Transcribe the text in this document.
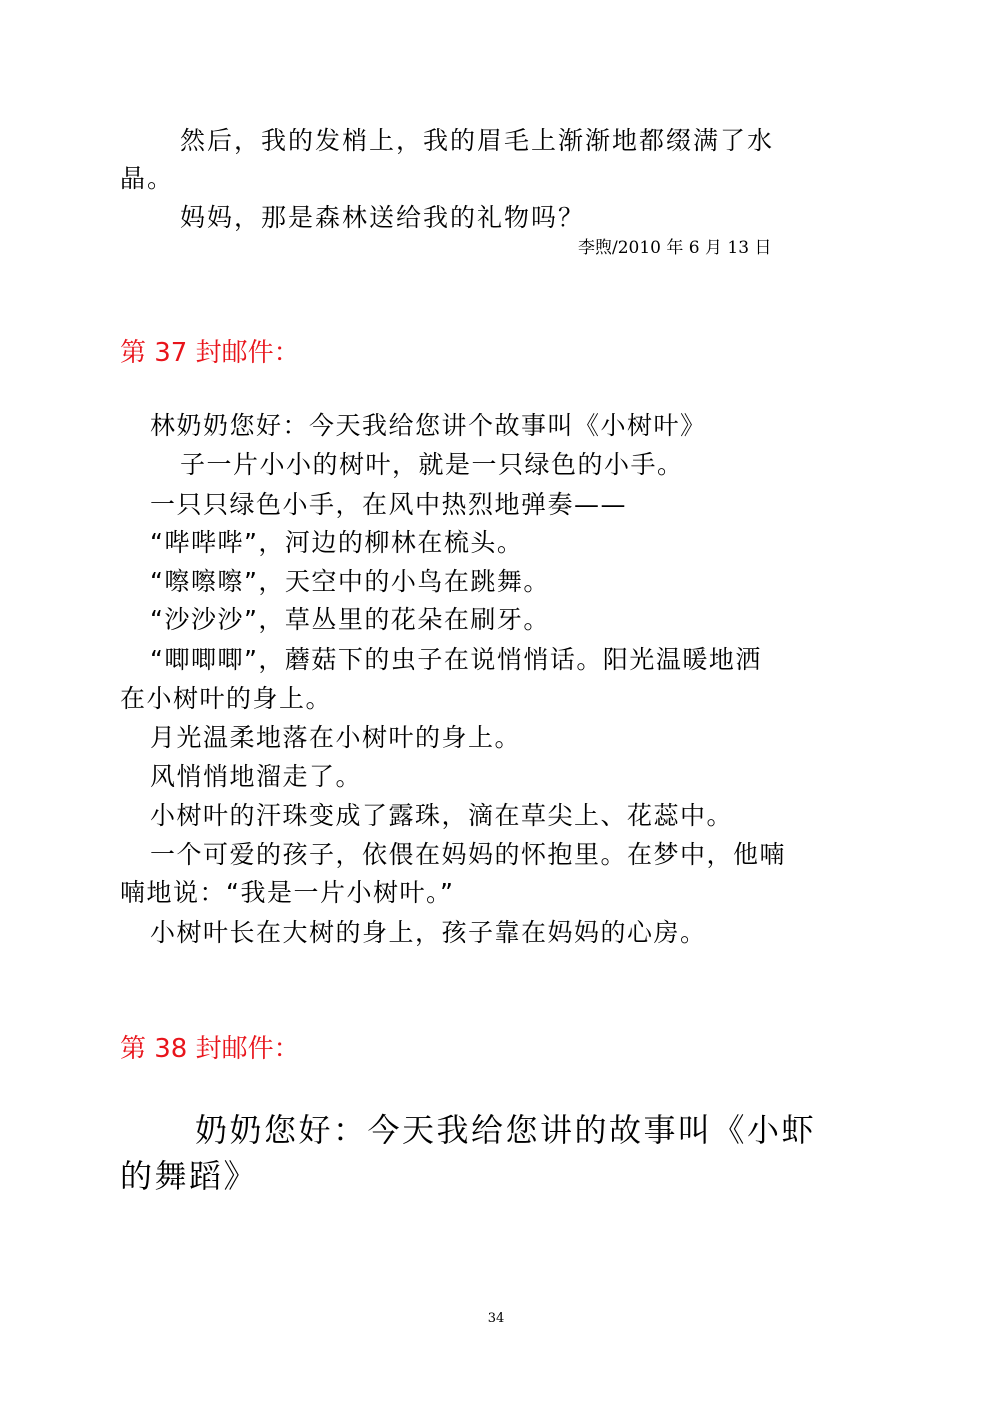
然后，我的发梢上，我的眉毛上渐渐地都缀满了水
晶。
妈妈，那是森林送给我的礼物吗？
李煦/2010 年 6 月 13 日
第 37 封邮件：
林奶奶您好：今天我给您讲个故事叫《小树叶》
子一片小小的树叶，就是一只绿色的小手。
一只只绿色小手，在风中热烈地弹奏——
“哔哔哔”，河边的柳林在梳头。
“嚓嚓嚓”，天空中的小鸟在跳舞。
“沙沙沙”，草丛里的花朵在刷牙。
“唧唧唧”，蘑菇下的虫子在说悄悄话。阳光温暖地洒
在小树叶的身上。
月光温柔地落在小树叶的身上。
风悄悄地溜走了。
小树叶的汗珠变成了露珠，滴在草尖上、花蕊中。
一个可爱的孩子，依偎在妈妈的怀抱里。在梦中，他喃
喃地说：“我是一片小树叶。”
小树叶长在大树的身上，孩子靠在妈妈的心房。
第 38 封邮件：
奶奶您好：今天我给您讲的故事叫《小虾
的舞蹈》
34
